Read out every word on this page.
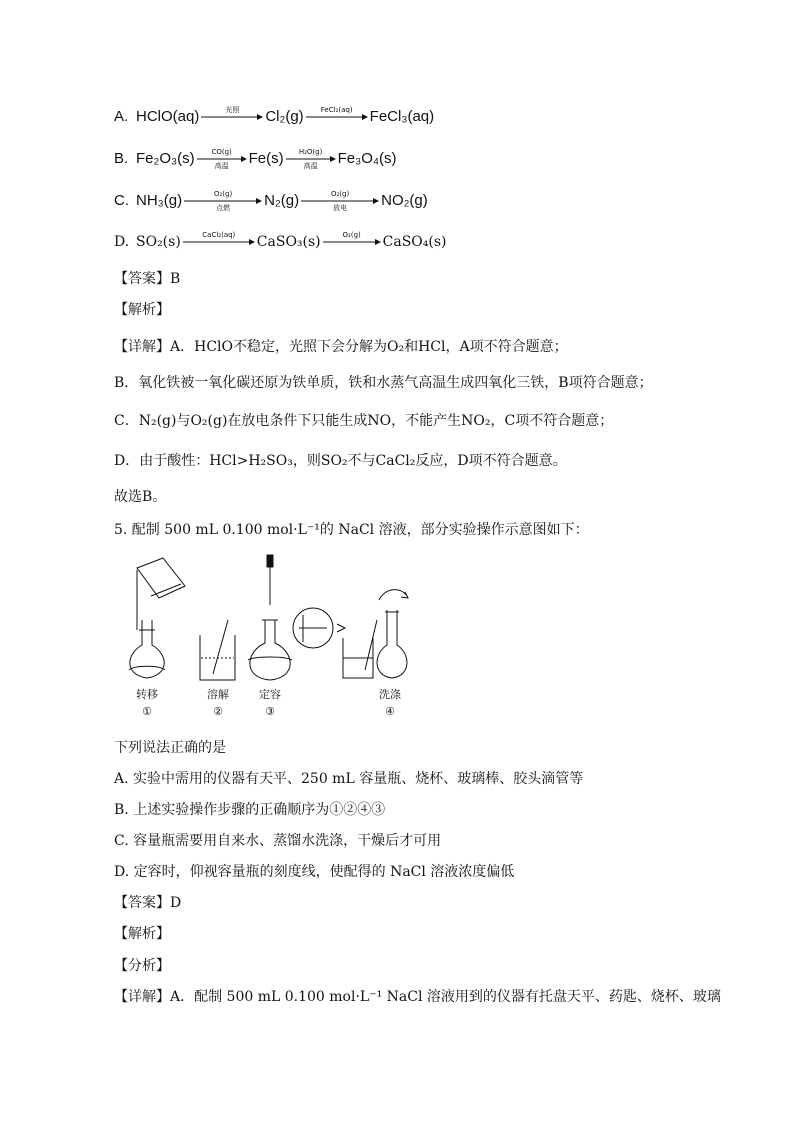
A. HClO(aq)	光照 Cl₂(g) FeCl₂(aq) FeCl₃(aq)
B. Fe₂O₃(s) CO(g)
高温 Fe(s) H₂O(g)
高温 Fe₃O₄(s)
C. NH₃(g)	O₂(g)
点燃 N₂(g)	O₂(g)
放电 NO₂(g)
D. SO₂(s)	CaCl₂(aq) CaSO₃(s)	O₂(g) CaSO₄(s)
【答案】B
【解析】
【详解】A．HClO不稳定，光照下会分解为O₂和HCl，A项不符合题意；
B．氧化铁被一氧化碳还原为铁单质，铁和水蒸气高温生成四氧化三铁，B项符合题意；
C．N₂(g)与O₂(g)在放电条件下只能生成NO，不能产生NO₂，C项不符合题意；
D．由于酸性：HCl>H₂SO₃，则SO₂不与CaCl₂反应，D项不符合题意。
故选B。
5. 配制 500 mL 0.100 mol·L⁻¹的 NaCl 溶液，部分实验操作示意图如下：
转移
①
溶解
②
定容
③
洗涤
④
下列说法正确的是
A. 实验中需用的仪器有天平、250 mL 容量瓶、烧杯、玻璃棒、胶头滴管等
B. 上述实验操作步骤的正确顺序为①②④③
C. 容量瓶需要用自来水、蒸馏水洗涤，干燥后才可用
D. 定容时，仰视容量瓶的刻度线，使配得的 NaCl 溶液浓度偏低
【答案】D
【解析】
【分析】
【详解】A．配制 500 mL 0.100 mol·L⁻¹ NaCl 溶液用到的仪器有托盘天平、药匙、烧杯、玻璃
